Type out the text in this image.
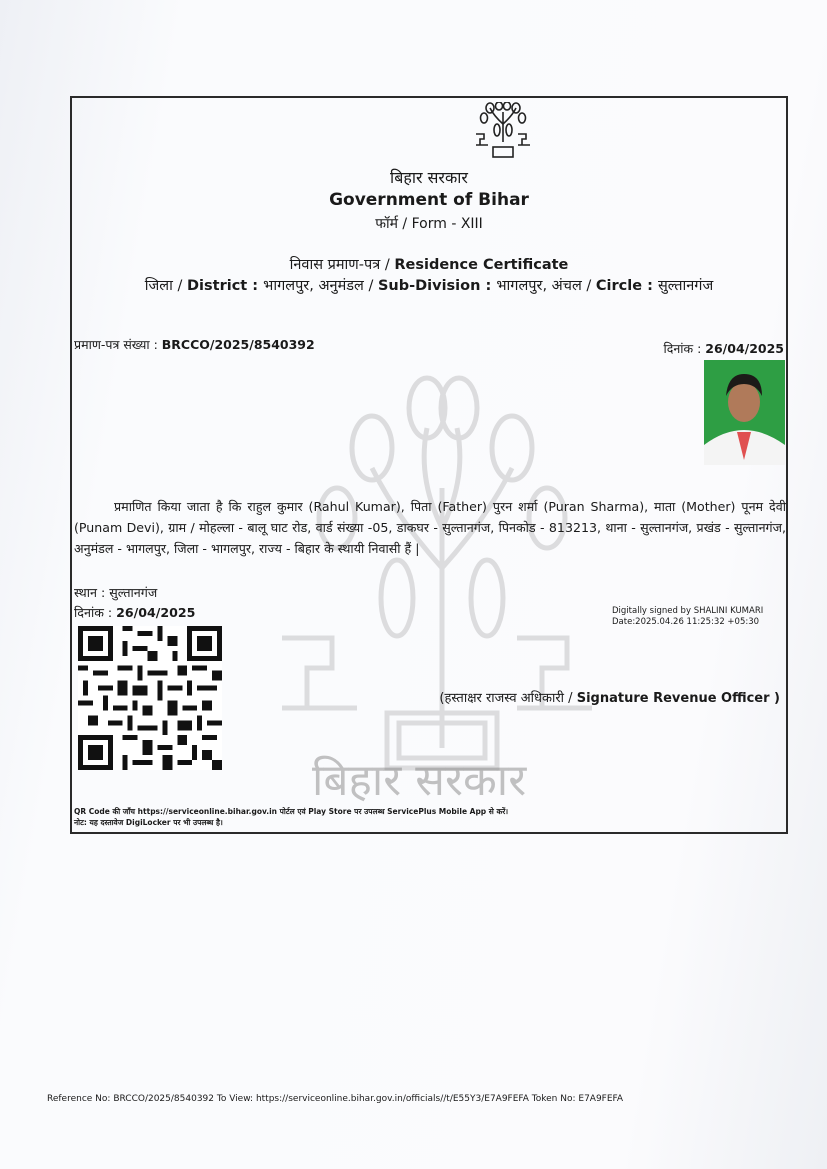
बिहार सरकार
बिहार सरकार
Government of Bihar
फॉर्म / Form - XIII
निवास प्रमाण-पत्र / Residence Certificate
जिला / District : भागलपुर, अनुमंडल / Sub-Division : भागलपुर, अंचल / Circle : सुल्तानगंज
प्रमाण-पत्र संख्या : BRCCO/2025/8540392	दिनांक : 26/04/2025
प्रमाणित किया जाता है कि राहुल कुमार (Rahul Kumar), पिता (Father) पुरन शर्मा (Puran Sharma), माता (Mother) पूनम देवी (Punam Devi), ग्राम / मोहल्ला - बालू घाट रोड, वार्ड संख्या -05, डाकघर - सुल्तानगंज, पिनकोड - 813213, थाना - सुल्तानगंज, प्रखंड - सुल्तानगंज, अनुमंडल - भागलपुर, जिला - भागलपुर, राज्य - बिहार के स्थायी निवासी हैं |
स्थान : सुल्तानगंज
दिनांक : 26/04/2025	Digitally signed by SHALINI KUMARI
Date:2025.04.26 11:25:32 +05:30
(हस्ताक्षर राजस्व अधिकारी / Signature Revenue Officer )
QR Code की जाँच https://serviceonline.bihar.gov.in पोर्टल एवं Play Store पर उपलब्ध ServicePlus Mobile App से करें।
नोट: यह दस्तावेज DigiLocker पर भी उपलब्ध है।
Reference No: BRCCO/2025/8540392 To View: https://serviceonline.bihar.gov.in/officials//t/E55Y3/E7A9FEFA Token No: E7A9FEFA
